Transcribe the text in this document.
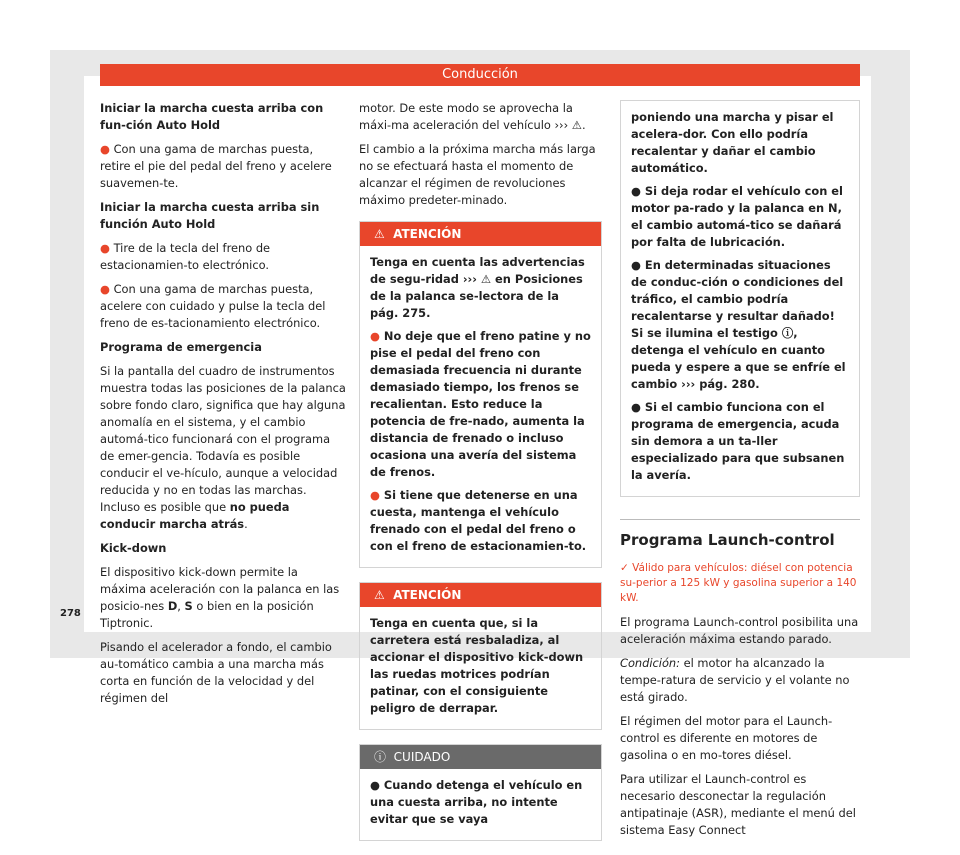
Conducción

Iniciar la marcha cuesta arriba con fun-ción Auto Hold

● Con una gama de marchas puesta, retire el pie del pedal del freno y acelere suavemen-te.

Iniciar la marcha cuesta arriba sin función Auto Hold

● Tire de la tecla del freno de estacionamien-to electrónico.

● Con una gama de marchas puesta, acelere con cuidado y pulse la tecla del freno de es-tacionamiento electrónico.

Programa de emergencia

Si la pantalla del cuadro de instrumentos muestra todas las posiciones de la palanca sobre fondo claro, significa que hay alguna anomalía en el sistema, y el cambio automá-tico funcionará con el programa de emer-gencia. Todavía es posible conducir el ve-hículo, aunque a velocidad reducida y no en todas las marchas. Incluso es posible que no pueda conducir marcha atrás.

Kick-down

El dispositivo kick-down permite la máxima aceleración con la palanca en las posicio-nes D, S o bien en la posición Tiptronic.

Pisando el acelerador a fondo, el cambio au-tomático cambia a una marcha más corta en función de la velocidad y del régimen del

motor. De este modo se aprovecha la máxi-ma aceleración del vehículo ››› ⚠.

El cambio a la próxima marcha más larga no se efectuará hasta el momento de alcanzar el régimen de revoluciones máximo predeter-minado.

⚠ ATENCIÓN

Tenga en cuenta las advertencias de segu-ridad ››› ⚠ en Posiciones de la palanca se-lectora de la pág. 275.

● No deje que el freno patine y no pise el pedal del freno con demasiada frecuencia ni durante demasiado tiempo, los frenos se recalientan. Esto reduce la potencia de fre-nado, aumenta la distancia de frenado o incluso ocasiona una avería del sistema de frenos.

● Si tiene que detenerse en una cuesta, mantenga el vehículo frenado con el pedal del freno o con el freno de estacionamien-to.

⚠ ATENCIÓN

Tenga en cuenta que, si la carretera está resbaladiza, al accionar el dispositivo kick-down las ruedas motrices podrían patinar, con el consiguiente peligro de derrapar.

ⓘ CUIDADO

● Cuando detenga el vehículo en una cuesta arriba, no intente evitar que se vaya

poniendo una marcha y pisar el acelera-dor. Con ello podría recalentar y dañar el cambio automático.

● Si deja rodar el vehículo con el motor pa-rado y la palanca en N, el cambio automá-tico se dañará por falta de lubricación.

● En determinadas situaciones de conduc-ción o condiciones del tráfico, el cambio podría recalentarse y resultar dañado! Si se ilumina el testigo ⓘ, detenga el vehículo en cuanto pueda y espere a que se enfríe el cambio ››› pág. 280.

● Si el cambio funciona con el programa de emergencia, acuda sin demora a un ta-ller especializado para que subsanen la avería.

Programa Launch-control
✓ Válido para vehículos: diésel con potencia su-perior a 125 kW y gasolina superior a 140 kW.

El programa Launch-control posibilita una aceleración máxima estando parado.

Condición: el motor ha alcanzado la tempe-ratura de servicio y el volante no está girado.

El régimen del motor para el Launch-control es diferente en motores de gasolina o en mo-tores diésel.

Para utilizar el Launch-control es necesario desconectar la regulación antipatinaje (ASR), mediante el menú del sistema Easy Connect

278
